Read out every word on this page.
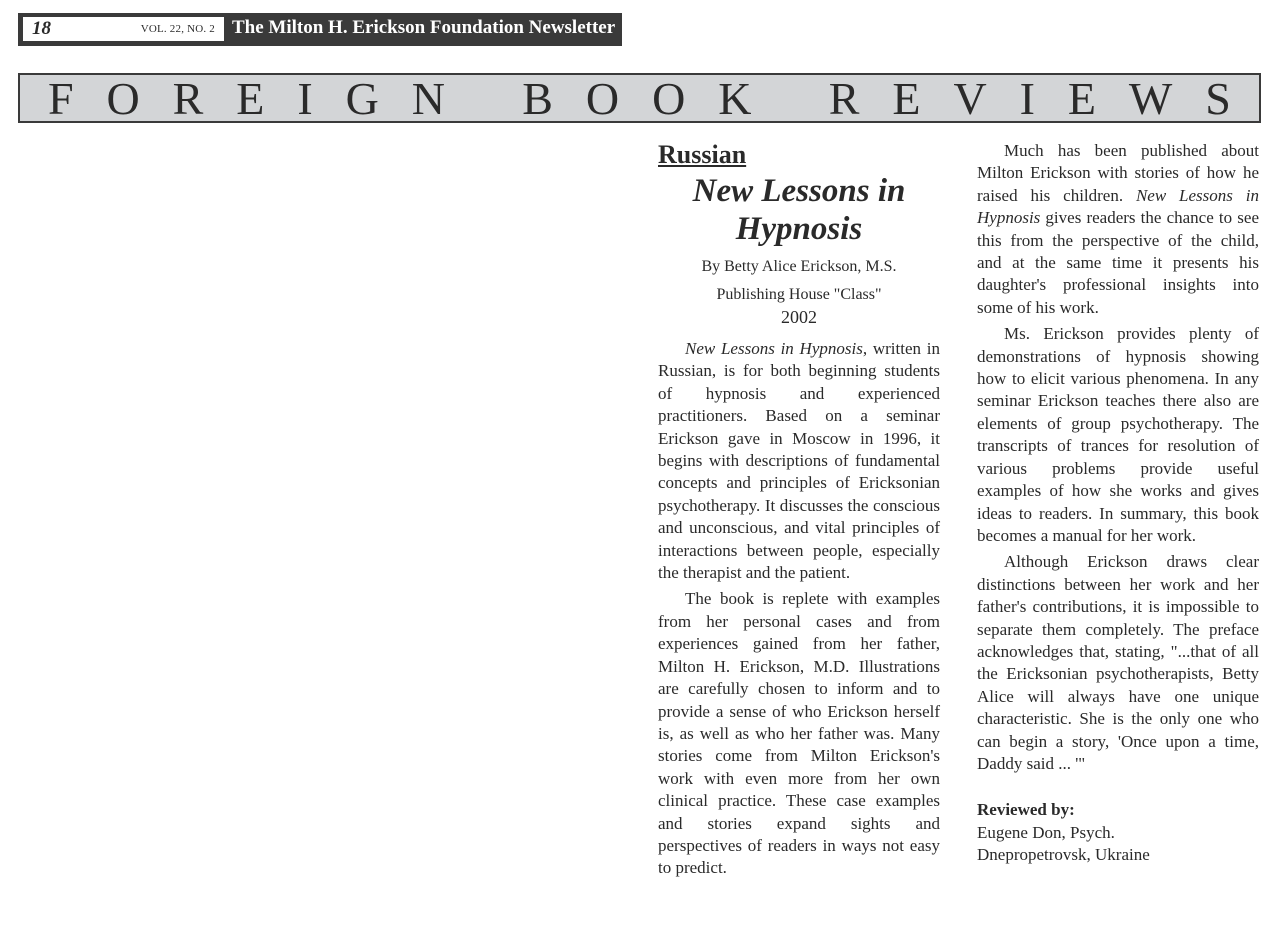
18	VOL. 22, NO. 2 The Milton H. Erickson Foundation Newsletter
F O R E I G N
B O O K
R E V I E W S
Russian
New Lessons in
Hypnosis
By Betty Alice Erickson, M.S.
Publishing House "Class"
2002

New Lessons in Hypnosis, written in Russian, is for both beginning students of hypnosis and experienced practitioners. Based on a seminar Erickson gave in Moscow in 1996, it begins with descriptions of fundamental concepts and principles of Ericksonian psychotherapy. It discusses the conscious and unconscious, and vital principles of interactions between people, especially the therapist and the patient.

The book is replete with examples from her personal cases and from experiences gained from her father, Milton H. Erickson, M.D. Illustrations are carefully chosen to inform and to provide a sense of who Erickson herself is, as well as who her father was. Many stories come from Milton Erickson's work with even more from her own clinical practice. These case examples and stories expand sights and perspectives of readers in ways not easy to predict.

Much has been published about Milton Erickson with stories of how he raised his children. New Lessons in Hypnosis gives readers the chance to see this from the perspective of the child, and at the same time it presents his daughter's professional insights into some of his work.

Ms. Erickson provides plenty of demonstrations of hypnosis showing how to elicit various phenomena. In any seminar Erickson teaches there also are elements of group psychotherapy. The transcripts of trances for resolution of various problems provide useful examples of how she works and gives ideas to readers. In summary, this book becomes a manual for her work.

Although Erickson draws clear distinctions between her work and her father's contributions, it is impossible to separate them completely. The preface acknowledges that, stating, "...that of all the Ericksonian psychotherapists, Betty Alice will always have one unique characteristic. She is the only one who can begin a story, 'Once upon a time, Daddy said ... '"

Reviewed by:
Eugene Don, Psych.
Dnepropetrovsk, Ukraine
